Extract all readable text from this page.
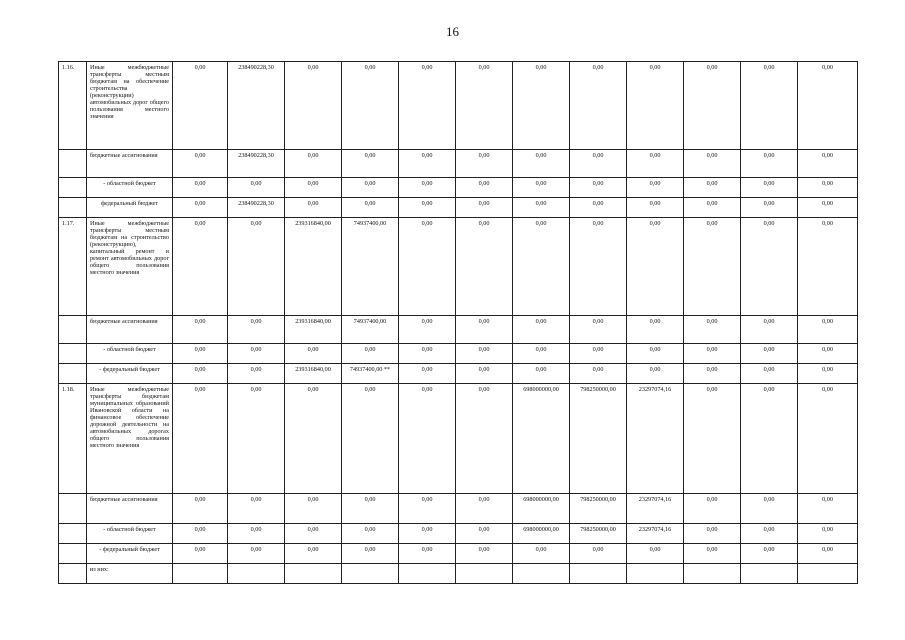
16
1.16.	Иные межбюджетные трансферты местным бюджетам на обеспечение строительства (реконструкции) автомобильных дорог общего пользования местного значения	0,00	238490228,30	0,00	0,00	0,00	0,00	0,00	0,00	0,00	0,00	0,00	0,00
	бюджетные ассигнования	0,00	238490228,30	0,00	0,00	0,00	0,00	0,00	0,00	0,00	0,00	0,00	0,00
	- областной бюджет	0,00	0,00	0,00	0,00	0,00	0,00	0,00	0,00	0,00	0,00	0,00	0,00
	федеральный бюджет	0,00	238490228,30	0,00	0,00	0,00	0,00	0,00	0,00	0,00	0,00	0,00	0,00
1.17.	Иные межбюджетные трансферты местным бюджетам на строительство (реконструкцию), капитальный ремонт и ремонт автомобильных дорог общего пользования местного значения	0,00	0,00	239316840,00	74937400,00	0,00	0,00	0,00	0,00	0,00	0,00	0,00	0,00
	бюджетные ассигнования	0,00	0,00	239316840,00	74937400,00	0,00	0,00	0,00	0,00	0,00	0,00	0,00	0,00
	- областной бюджет	0,00	0,00	0,00	0,00	0,00	0,00	0,00	0,00	0,00	0,00	0,00	0,00
	- федеральный бюджет	0,00	0,00	239316840,00	74937400,00 **	0,00	0,00	0,00	0,00	0,00	0,00	0,00	0,00
1.18.	Иные межбюджетные трансферты бюджетам муниципальных образований Ивановской области на финансовое обеспечение дорожной деятельности на автомобильных дорогах общего пользования местного значения	0,00	0,00	0,00	0,00	0,00	0,00	698000000,00	798250000,00	23297074,16	0,00	0,00	0,00
	бюджетные ассигнования	0,00	0,00	0,00	0,00	0,00	0,00	698000000,00	798250000,00	23297074,16	0,00	0,00	0,00
	- областной бюджет	0,00	0,00	0,00	0,00	0,00	0,00	698000000,00	798250000,00	23297074,16	0,00	0,00	0,00
	- федеральный бюджет	0,00	0,00	0,00	0,00	0,00	0,00	0,00	0,00	0,00	0,00	0,00	0,00
	из них:												
